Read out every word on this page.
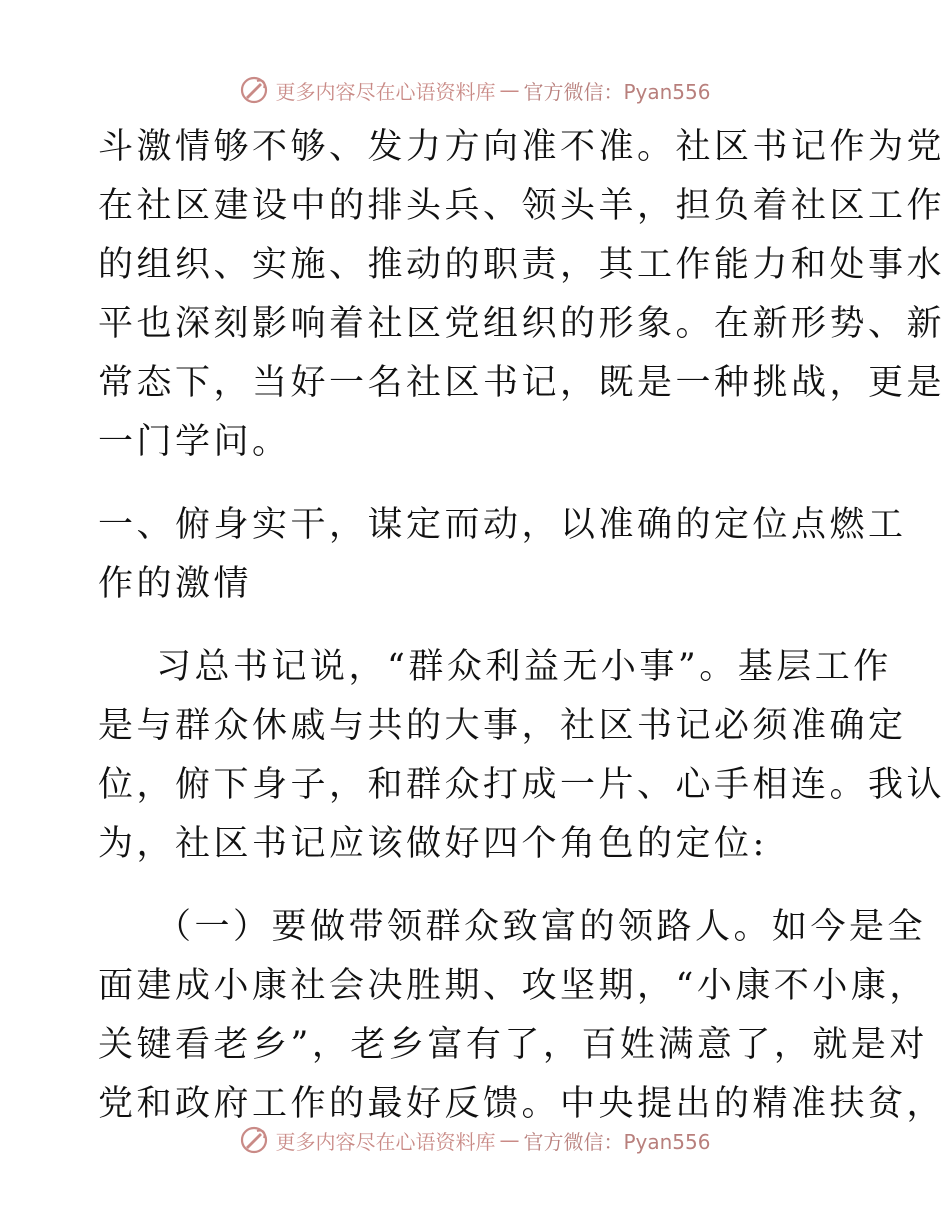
更多内容尽在心语资料库 — 官方微信：Pyan556

斗激情够不够、发力方向准不准。社区书记作为党
在社区建设中的排头兵、领头羊，担负着社区工作
的组织、实施、推动的职责，其工作能力和处事水
平也深刻影响着社区党组织的形象。在新形势、新
常态下，当好一名社区书记，既是一种挑战，更是
一门学问。

一、俯身实干，谋定而动，以准确的定位点燃工
作的激情

习总书记说，“群众利益无小事”。基层工作
是与群众休戚与共的大事，社区书记必须准确定
位，俯下身子，和群众打成一片、心手相连。我认
为，社区书记应该做好四个角色的定位:

（一）要做带领群众致富的领路人。如今是全
面建成小康社会决胜期、攻坚期，“小康不小康，
关键看老乡”，老乡富有了，百姓满意了，就是对
党和政府工作的最好反馈。中央提出的精准扶贫，

更多内容尽在心语资料库 — 官方微信：Pyan556
